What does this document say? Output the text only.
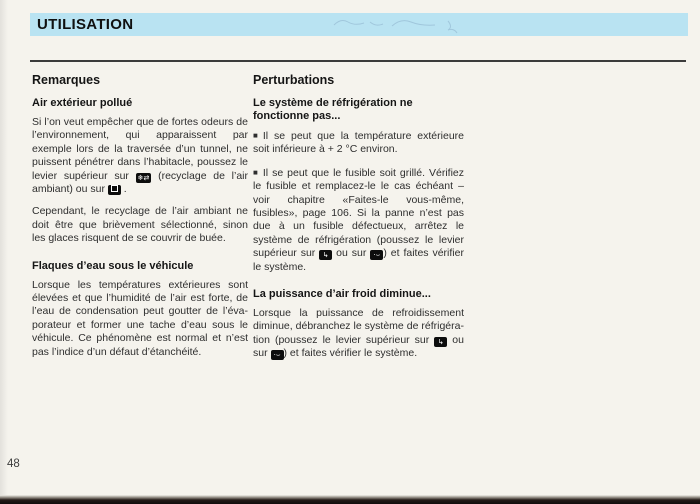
UTILISATION
Remarques
Air extérieur pollué

Si l’on veut empêcher que de fortes odeurs de l’environnement, qui apparaissent par exemple lors de la traversée d’un tunnel, ne puissent pénétrer dans l’habitacle, poussez le levier supérieur sur ❄⇄ (recyclage de l’air ambiant) ou sur  .

Cependant, le recyclage de l’air ambiant ne doit être que brièvement sélectionné, sinon les glaces risquent de se couvrir de buée.

Flaques d’eau sous le véhicule

Lorsque les températures extérieures sont élevées et que l’humidité de l’air est forte, de l’eau de condensation peut goutter de l’évaporateur et former une tache d’eau sous le véhicule. Ce phénomène est normal et n’est pas l’indice d’un défaut d’étanchéité.

Perturbations
Le système de réfrigération ne fonctionne pas...

■ Il se peut que la température extérieure soit inférieure à + 2 °C environ.

■ Il se peut que le fusible soit grillé. Vérifiez le fusible et remplacez-le le cas échéant – voir chapitre «Faites-le vous-même, fusibles», page 106. Si la panne n’est pas due à un fusible défectueux, arrêtez le système de réfrigération (poussez le levier supérieur sur ↳ ou sur ·⌣ ) et faites vérifier le système.

La puissance d’air froid diminue...

Lorsque la puissance de refroidissement diminue, débranchez le système de réfrigération (poussez le levier supérieur sur ↳ ou sur ·⌣ ) et faites vérifier le système.

48
